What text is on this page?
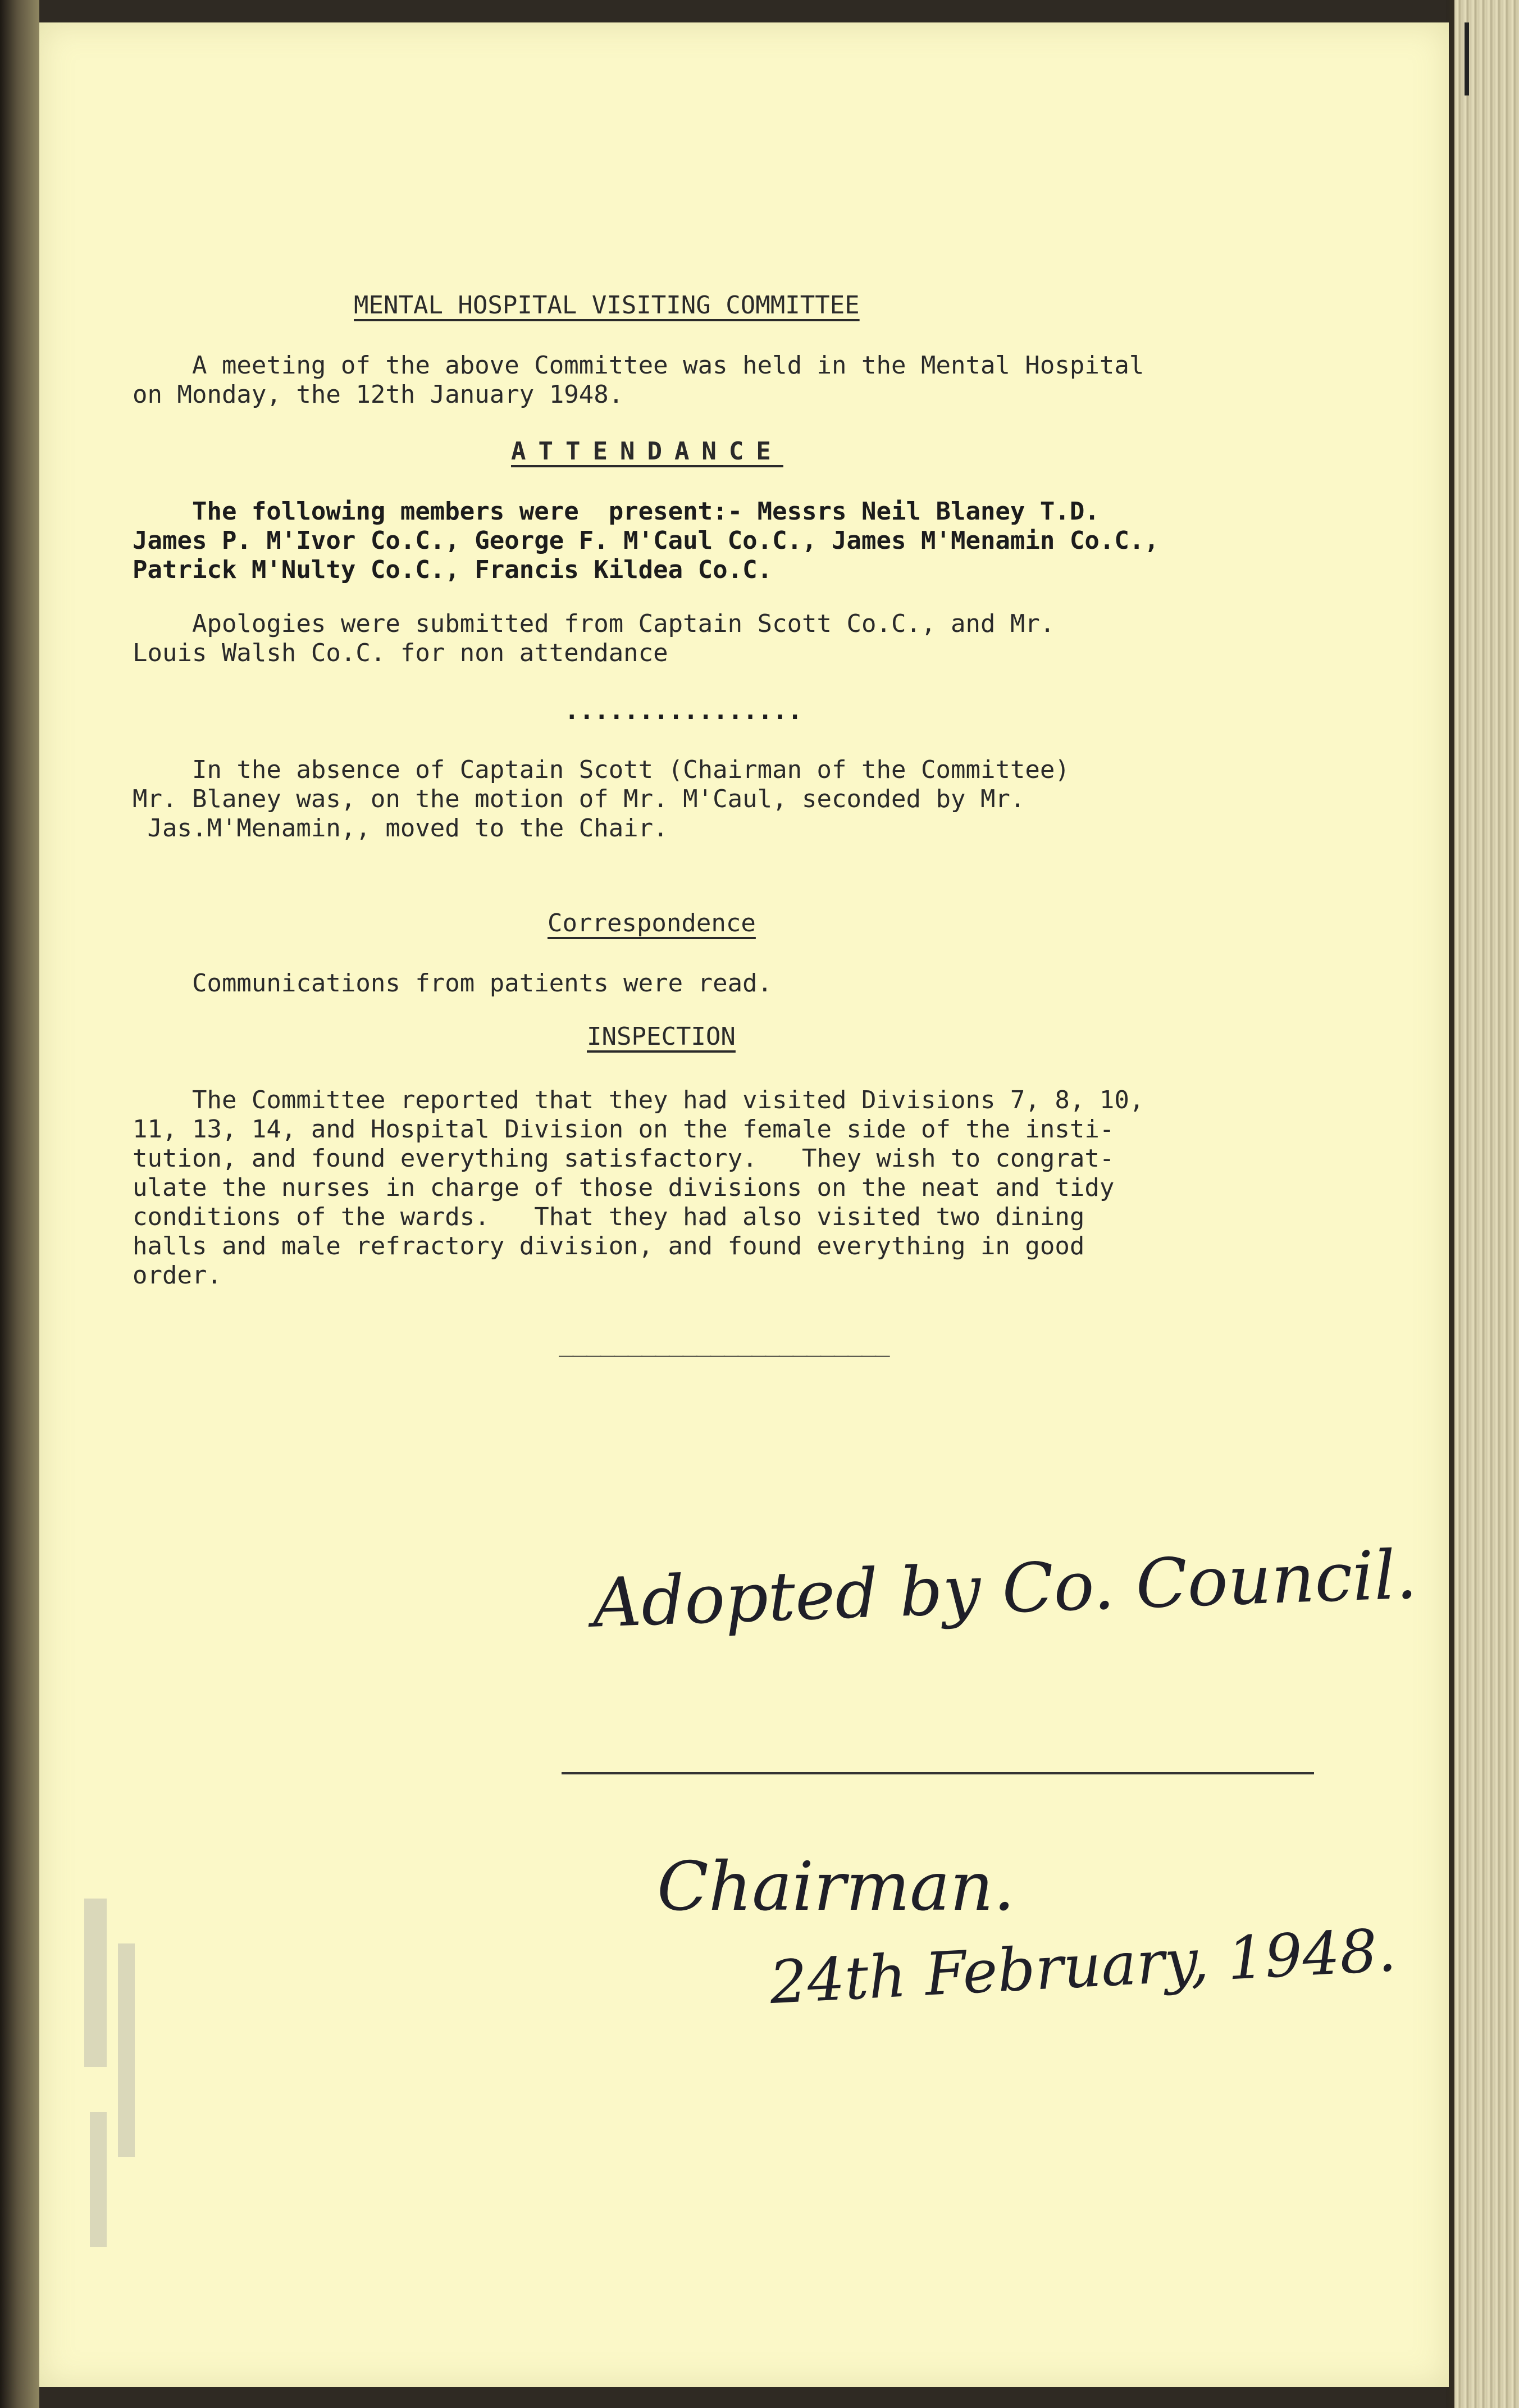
MENTAL HOSPITAL VISITING COMMITTEE
A meeting of the above Committee was held in the Mental Hospital
on Monday, the 12th January 1948.
ATTENDANCE
The following members were  present:- Messrs Neil Blaney T.D.
James P. M'Ivor Co.C., George F. M'Caul Co.C., James M'Menamin Co.C.,
Patrick M'Nulty Co.C., Francis Kildea Co.C.
Apologies were submitted from Captain Scott Co.C., and Mr.
Louis Walsh Co.C. for non attendance
................
In the absence of Captain Scott (Chairman of the Committee)
Mr. Blaney was, on the motion of Mr. M'Caul, seconded by Mr.
Jas.M'Menamin,, moved to the Chair.
Correspondence
Communications from patients were read.
INSPECTION
The Committee reported that they had visited Divisions 7, 8, 10,
11, 13, 14, and Hospital Division on the female side of the insti-
tution, and found everything satisfactory.   They wish to congrat-
ulate the nurses in charge of those divisions on the neat and tidy
conditions of the wards.   That they had also visited two dining
halls and male refractory division, and found everything in good
order.
________________________
Adopted by Co. Council.
Chairman.
24th February, 1948.
